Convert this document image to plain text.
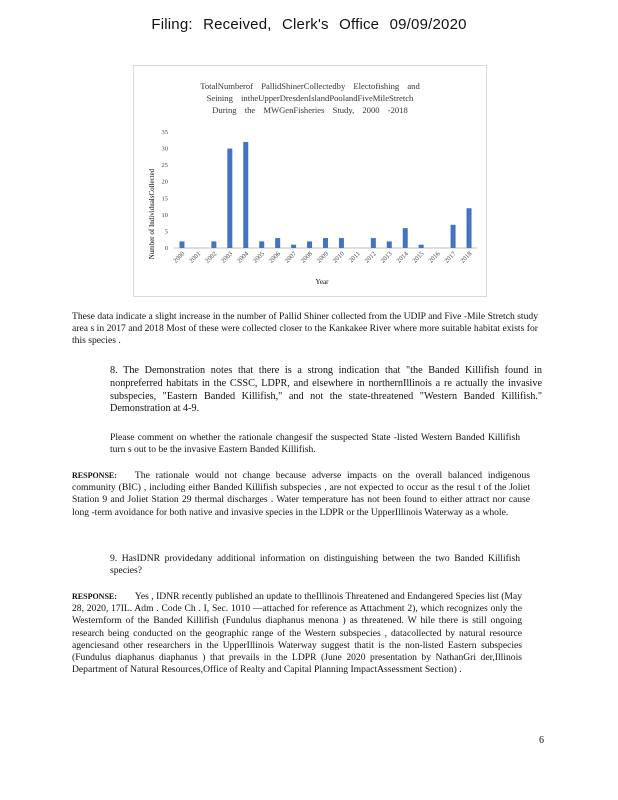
Filing: Received, Clerk's Office 09/09/2020
TotalNumberof PallidShinerCollectedby Electofishing and
Seining intheUpperDresdenIslandPoolandFiveMileStretch
During the MWGenFisheries Study, 2000 -2018
Number of IndividualsCollected
Year
0
5
10
15
20
25
30
35
2000 2001 2002 2003 2004 2005 2006 2007 2008 2009 2010 2011 2012 2013 2014 2015 2016 2017 2018
These data indicate a slight increase in the number of Pallid Shiner collected from the UDIP and Five -Mile Stretch study area s in 2017 and 2018 Most of these were collected closer to the Kankakee River where more suitable habitat exists for this species .
8. The Demonstration notes that there is a strong indication that "the Banded Killifish found in nonpreferred habitats in the CSSC, LDPR, and elsewhere in northernIllinois a re actually the invasive subspecies, "Eastern Banded Killifish," and not the state-threatened "Western Banded Killifish." Demonstration at 4-9.
Please comment on whether the rationale changesif the suspected State -listed Western Banded Killifish turn s out to be the invasive Eastern Banded Killifish.
RESPONSE: The rationale would not change because adverse impacts on the overall balanced indigenous community (BIC) , including either Banded Killifish subspecies , are not expected to occur as the resul t of the Joliet Station 9 and Joliet Station 29 thermal discharges . Water temperature has not been found to either attract nor cause long -term avoidance for both native and invasive species in the LDPR or the UpperIllinois Waterway as a whole.
9. HasIDNR providedany additional information on distinguishing between the two Banded Killifish species?
RESPONSE: Yes , IDNR recently published an update to theIllinois Threatened and Endangered Species list (May 28, 2020, 17IL. Adm . Code Ch . I, Sec. 1010 —attached for reference as Attachment 2), which recognizes only the Westernform of the Banded Killifish (Fundulus diaphanus menona ) as threatened. W hile there is still ongoing research being conducted on the geographic range of the Western subspecies , datacollected by natural resource agenciesand other researchers in the UpperIllinois Waterway suggest thatit is the non-listed Eastern subspecies (Fundulus diaphanus diaphanus ) that prevails in the LDPR (June 2020 presentation by NathanGri der,Illinois Department of Natural Resources,Office of Realty and Capital Planning ImpactAssessment Section) .
6
